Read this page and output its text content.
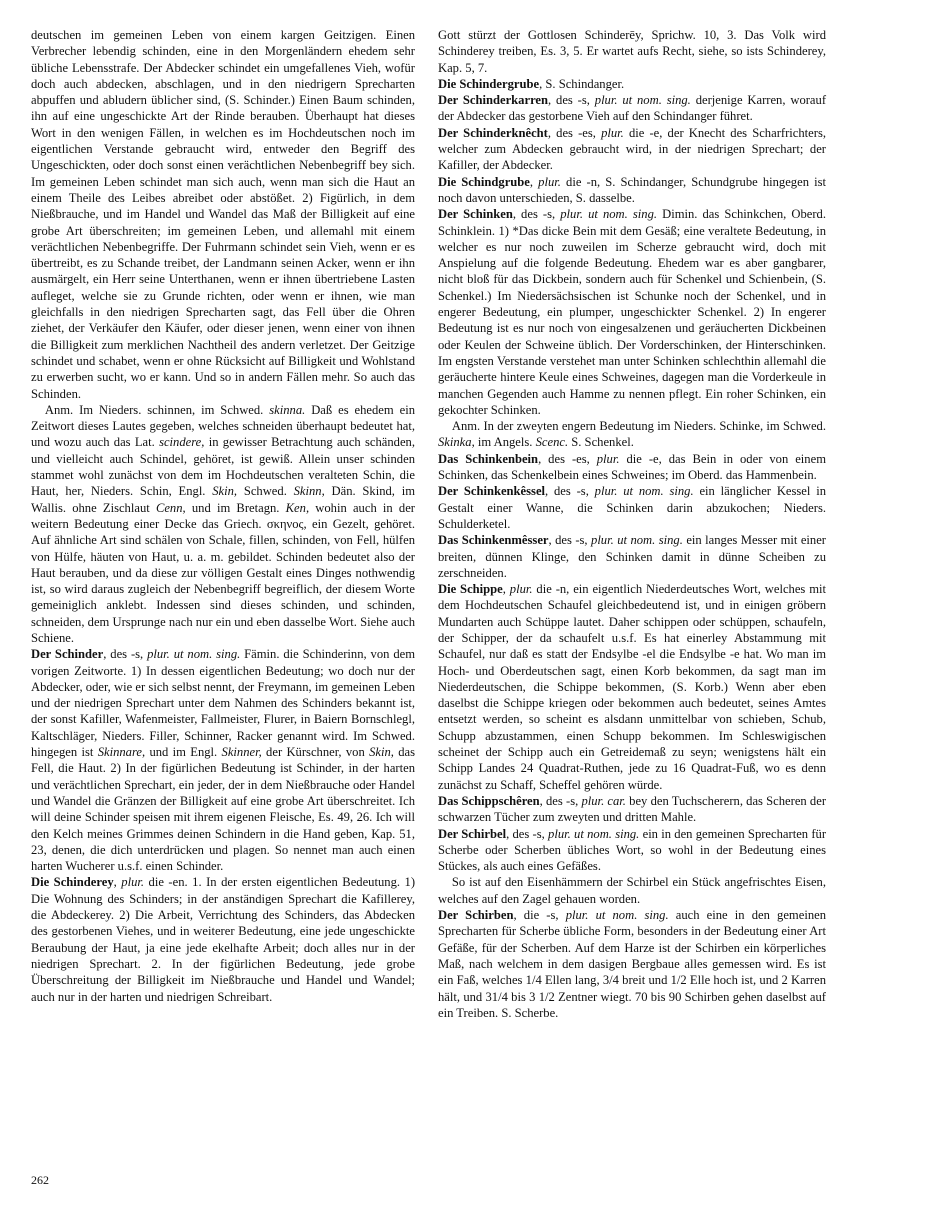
deutschen im gemeinen Leben von einem kargen Geitzigen. Einen Verbrecher lebendig schinden, eine in den Morgenländern ehedem sehr übliche Lebensstrafe. Der Abdecker schindet ein umgefallenes Vieh, wofür doch auch abdecken, abschlagen, und in den niedrigern Sprecharten abpuffen und abludern üblicher sind, (S. Schinder.) Einen Baum schinden, ihn auf eine ungeschickte Art der Rinde berauben. Überhaupt hat dieses Wort in den wenigen Fällen, in welchen es im Hochdeutschen noch im eigentlichen Verstande gebraucht wird, entweder den Begriff des Ungeschickten, oder doch sonst einen verächtlichen Nebenbegriff bey sich. Im gemeinen Leben schindet man sich auch, wenn man sich die Haut an einem Theile des Leibes abreibet oder abstößet. 2) Figürlich, in dem Nießbrauche, und im Handel und Wandel das Maß der Billigkeit auf eine grobe Art überschreiten; im gemeinen Leben, und allemahl mit einem verächtlichen Nebenbegriffe. Der Fuhrmann schindet sein Vieh, wenn er es übertreibt, es zu Schande treibet, der Landmann seinen Acker, wenn er ihn ausmärgelt, ein Herr seine Unterthanen, wenn er ihnen übertriebene Lasten aufleget, welche sie zu Grunde richten, oder wenn er ihnen, wie man gleichfalls in den niedrigen Sprecharten sagt, das Fell über die Ohren ziehet, der Verkäufer den Käufer, oder dieser jenen, wenn einer von ihnen die Billigkeit zum merklichen Nachtheil des andern verletzet. Der Geitzige schindet und schabet, wenn er ohne Rücksicht auf Billigkeit und Wohlstand zu erwerben sucht, wo er kann. Und so in andern Fällen mehr. So auch das Schinden.

Anm. Im Nieders. schinnen, im Schwed. skinna. Daß es ehedem ein Zeitwort dieses Lautes gegeben, welches schneiden überhaupt bedeutet hat, und wozu auch das Lat. scindere, in gewisser Betrachtung auch schänden, und vielleicht auch Schindel, gehöret, ist gewiß. Allein unser schinden stammet wohl zunächst von dem im Hochdeutschen veralteten Schin, die Haut, her, Nieders. Schin, Engl. Skin, Schwed. Skinn, Dän. Skind, im Wallis. ohne Zischlaut Cenn, und im Bretagn. Ken, wohin auch in der weitern Bedeutung einer Decke das Griech. σκηνος, ein Gezelt, gehöret. Auf ähnliche Art sind schälen von Schale, fillen, schinden, von Fell, hülfen von Hülfe, häuten von Haut, u. a. m. gebildet. Schinden bedeutet also der Haut berauben, und da diese zur völligen Gestalt eines Dinges nothwendig ist, so wird daraus zugleich der Nebenbegriff begreiflich, der diesem Worte gemeiniglich anklebt. Indessen sind dieses schinden, und schinden, schneiden, dem Ursprunge nach nur ein und eben dasselbe Wort. Siehe auch Schiene.

Der Schinder, des -s, plur. ut nom. sing. Fämin. die Schinderinn, von dem vorigen Zeitworte. 1) In dessen eigentlichen Bedeutung; wo doch nur der Abdecker, oder, wie er sich selbst nennt, der Freymann, im gemeinen Leben und der niedrigen Sprechart unter dem Nahmen des Schinders bekannt ist, der sonst Kafiller, Wafenmeister, Fallmeister, Flurer, in Baiern Bornschlegl, Kaltschläger, Nieders. Filler, Schinner, Racker genannt wird. Im Schwed. hingegen ist Skinnare, und im Engl. Skinner, der Kürschner, von Skin, das Fell, die Haut. 2) In der figürlichen Bedeutung ist Schinder, in der harten und verächtlichen Sprechart, ein jeder, der in dem Nießbrauche oder Handel und Wandel die Gränzen der Billigkeit auf eine grobe Art überschreitet. Ich will deine Schinder speisen mit ihrem eigenen Fleische, Es. 49, 26. Ich will den Kelch meines Grimmes deinen Schindern in die Hand geben, Kap. 51, 23, denen, die dich unterdrücken und plagen. So nennet man auch einen harten Wucherer u.s.f. einen Schinder.

Die Schinderey, plur. die -en. 1. In der ersten eigentlichen Bedeutung. 1) Die Wohnung des Schinders; in der anständigen Sprechart die Kafillerey, die Abdeckerey. 2) Die Arbeit, Verrichtung des Schinders, das Abdecken des gestorbenen Viehes, und in weiterer Bedeutung, eine jede ungeschickte Beraubung der Haut, ja eine jede ekelhafte Arbeit; doch alles nur in der niedrigen Sprechart. 2. In der figürlichen Bedeutung, jede grobe Überschreitung der Billigkeit im Nießbrauche und Handel und Wandel; auch nur in der harten und niedrigen Schreibart.

Gott stürzt der Gottlosen Schinderēy, Sprichw. 10, 3. Das Volk wird Schinderey treiben, Es. 3, 5. Er wartet aufs Recht, siehe, so ists Schinderey, Kap. 5, 7.

Die Schindergrube, S. Schindanger.

Der Schinderkarren, des -s, plur. ut nom. sing. derjenige Karren, worauf der Abdecker das gestorbene Vieh auf den Schindanger führet.

Der Schinderknêcht, des -es, plur. die -e, der Knecht des Scharfrichters, welcher zum Abdecken gebraucht wird, in der niedrigen Sprechart; der Kafiller, der Abdecker.

Die Schindgrube, plur. die -n, S. Schindanger, Schundgrube hingegen ist noch davon unterschieden, S. dasselbe.

Der Schinken, des -s, plur. ut nom. sing. Dimin. das Schinkchen, Oberd. Schinklein. 1) *Das dicke Bein mit dem Gesäß; eine veraltete Bedeutung, in welcher es nur noch zuweilen im Scherze gebraucht wird, doch mit Anspielung auf die folgende Bedeutung. Ehedem war es aber gangbarer, nicht bloß für das Dickbein, sondern auch für Schenkel und Schienbein, (S. Schenkel.) Im Niedersächsischen ist Schunke noch der Schenkel, und in engerer Bedeutung, ein plumper, ungeschickter Schenkel. 2) In engerer Bedeutung ist es nur noch von eingesalzenen und geräucherten Dickbeinen oder Keulen der Schweine üblich. Der Vorderschinken, der Hinterschinken. Im engsten Verstande verstehet man unter Schinken schlechthin allemahl die geräucherte hintere Keule eines Schweines, dagegen man die Vorderkeule in manchen Gegenden auch Hamme zu nennen pflegt. Ein roher Schinken, ein gekochter Schinken.

Anm. In der zweyten engern Bedeutung im Nieders. Schinke, im Schwed. Skinka, im Angels. Scenc. S. Schenkel.

Das Schinkenbein, des -es, plur. die -e, das Bein in oder von einem Schinken, das Schenkelbein eines Schweines; im Oberd. das Hammenbein.

Der Schinkenkêssel, des -s, plur. ut nom. sing. ein länglicher Kessel in Gestalt einer Wanne, die Schinken darin abzukochen; Nieders. Schulderketel.

Das Schinkenmêsser, des -s, plur. ut nom. sing. ein langes Messer mit einer breiten, dünnen Klinge, den Schinken damit in dünne Scheiben zu zerschneiden.

Die Schippe, plur. die -n, ein eigentlich Niederdeutsches Wort, welches mit dem Hochdeutschen Schaufel gleichbedeutend ist, und in einigen gröbern Mundarten auch Schüppe lautet. Daher schippen oder schüppen, schaufeln, der Schipper, der da schaufelt u.s.f. Es hat einerley Abstammung mit Schaufel, nur daß es statt der Endsylbe -el die Endsylbe -e hat. Wo man im Hoch- und Oberdeutschen sagt, einen Korb bekommen, da sagt man im Niederdeutschen, die Schippe bekommen, (S. Korb.) Wenn aber eben daselbst die Schippe kriegen oder bekommen auch bedeutet, seines Amtes entsetzt werden, so scheint es alsdann unmittelbar von schieben, Schub, Schupp abzustammen, einen Schupp bekommen. Im Schleswigischen scheinet der Schipp auch ein Getreidemaß zu seyn; wenigstens hält ein Schipp Landes 24 Quadrat-Ruthen, jede zu 16 Quadrat-Fuß, wo es denn zunächst zu Schaff, Scheffel gehören würde.

Das Schippschêren, des -s, plur. car. bey den Tuchscherern, das Scheren der schwarzen Tücher zum zweyten und dritten Mahle.

Der Schirbel, des -s, plur. ut nom. sing. ein in den gemeinen Sprecharten für Scherbe oder Scherben übliches Wort, so wohl in der Bedeutung eines Stückes, als auch eines Gefäßes.

So ist auf den Eisenhämmern der Schirbel ein Stück angefrischtes Eisen, welches auf den Zagel gehauen worden.

Der Schirben, die -s, plur. ut nom. sing. auch eine in den gemeinen Sprecharten für Scherbe übliche Form, besonders in der Bedeutung einer Art Gefäße, für der Scherben. Auf dem Harze ist der Schirben ein körperliches Maß, nach welchem in dem dasigen Bergbaue alles gemessen wird. Es ist ein Faß, welches 1/4 Ellen lang, 3/4 breit und 1/2 Elle hoch ist, und 2 Karren hält, und 31/4 bis 3 1/2 Zentner wiegt. 70 bis 90 Schirben gehen daselbst auf ein Treiben. S. Scherbe.

262
